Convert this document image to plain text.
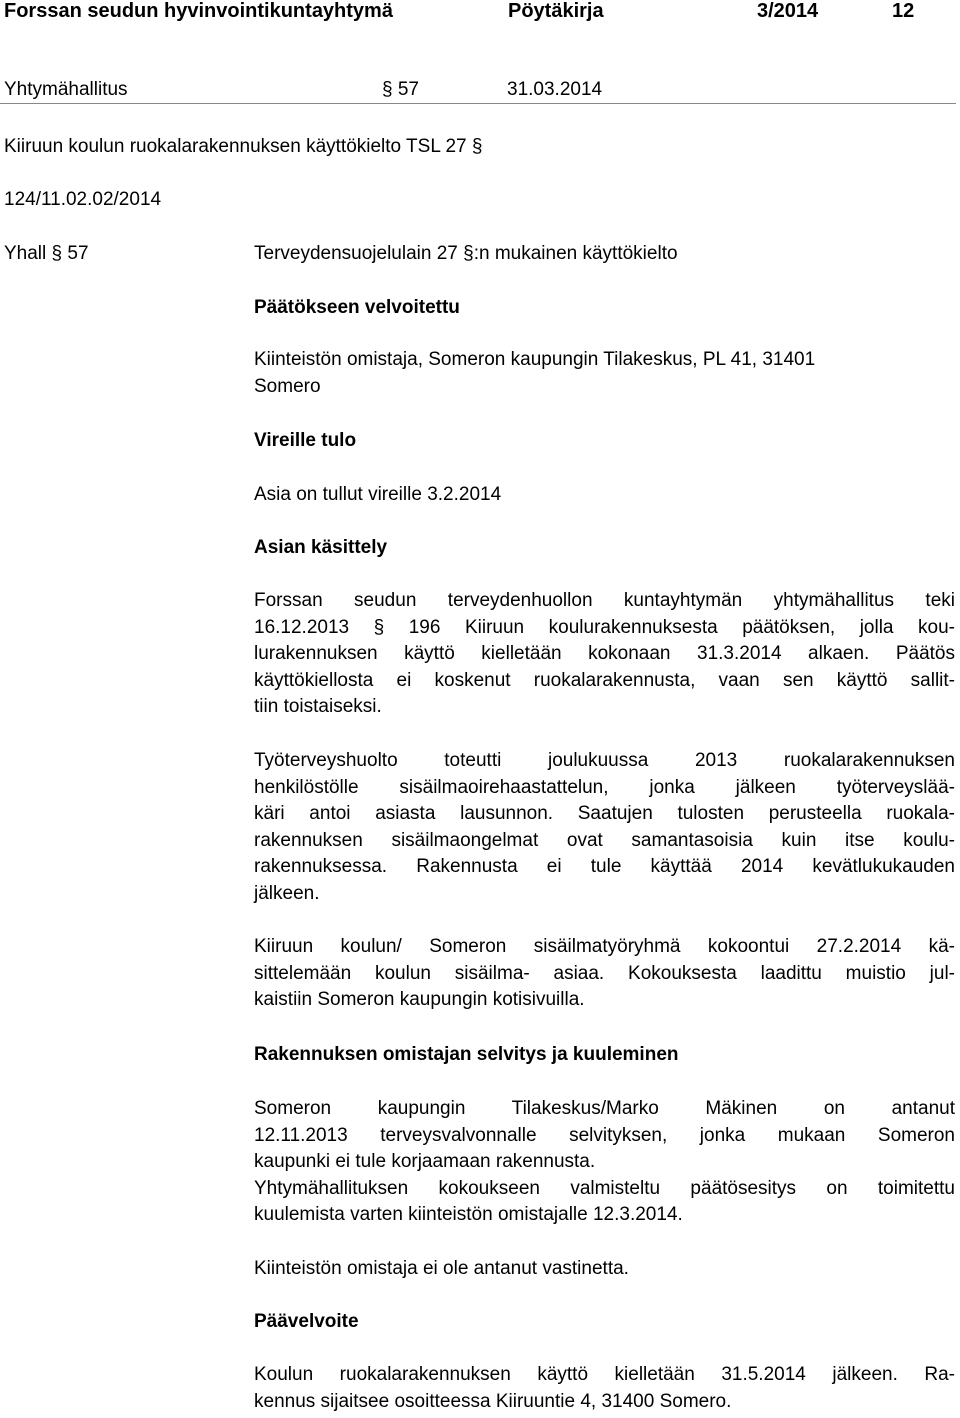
Forssan seudun hyvinvointikuntayhtymä	Pöytäkirja	3/2014	12
Yhtymähallitus	§ 57	31.03.2014
Kiiruun koulun ruokalarakennuksen käyttökielto TSL 27 §
124/11.02.02/2014
Yhall § 57	Terveydensuojelulain 27 §:n mukainen käyttökielto
Päätökseen velvoitettu
Kiinteistön omistaja, Someron kaupungin Tilakeskus, PL 41, 31401
Somero
Vireille tulo
Asia on tullut vireille 3.2.2014
Asian käsittely
Forssan seudun terveydenhuollon kuntayhtymän yhtymähallitus teki
16.12.2013 § 196 Kiiruun koulurakennuksesta päätöksen, jolla kou-
lurakennuksen käyttö kielletään kokonaan 31.3.2014 alkaen. Päätös
käyttökiellosta ei koskenut ruokalarakennusta, vaan sen käyttö sallit-
tiin toistaiseksi.
Työterveyshuolto toteutti joulukuussa 2013 ruokalarakennuksen
henkilöstölle sisäilmaoirehaastattelun, jonka jälkeen työterveyslää-
käri antoi asiasta lausunnon. Saatujen tulosten perusteella ruokala-
rakennuksen sisäilmaongelmat ovat samantasoisia kuin itse koulu-
rakennuksessa. Rakennusta ei tule käyttää 2014 kevätlukukauden
jälkeen.
Kiiruun koulun/ Someron sisäilmatyöryhmä kokoontui 27.2.2014 kä-
sittelemään koulun sisäilma- asiaa. Kokouksesta laadittu muistio jul-
kaistiin Someron kaupungin kotisivuilla.
Rakennuksen omistajan selvitys ja kuuleminen
Someron kaupungin Tilakeskus/Marko Mäkinen on antanut
12.11.2013 terveysvalvonnalle selvityksen, jonka mukaan Someron
kaupunki ei tule korjaamaan rakennusta.
Yhtymähallituksen kokoukseen valmisteltu päätösesitys on toimitettu
kuulemista varten kiinteistön omistajalle 12.3.2014.
Kiinteistön omistaja ei ole antanut vastinetta.
Päävelvoite
Koulun ruokalarakennuksen käyttö kielletään 31.5.2014 jälkeen. Ra-
kennus sijaitsee osoitteessa Kiiruuntie 4, 31400 Somero.
